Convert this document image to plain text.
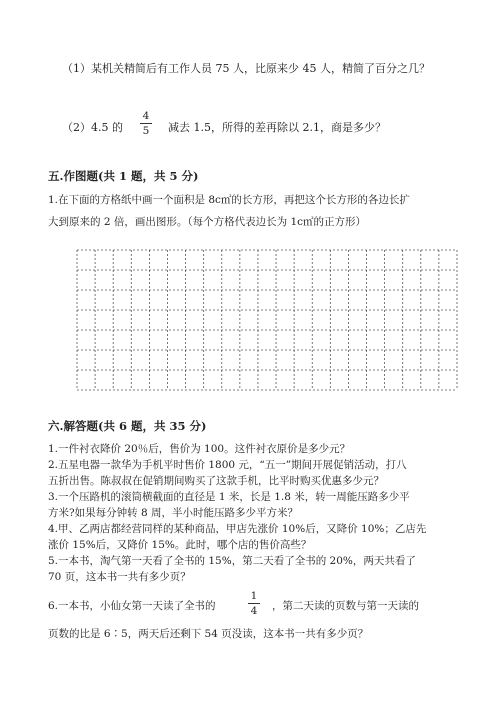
（1）某机关精简后有工作人员 75 人，比原来少 45 人，精简了百分之几？
（2）4.5 的
4
5	减去 1.5，所得的差再除以 2.1，商是多少？
五.作图题(共 1 题，共 5 分)
1.在下面的方格纸中画一个面积是 8c㎡的长方形，再把这个长方形的各边长扩
大到原来的 2 倍，画出图形。（每个方格代表边长为 1c㎡的正方形）
六.解答题(共 6 题，共 35 分)
1.一件衬衣降价 20％后，售价为 100。这件衬衣原价是多少元？
2.五星电器一款华为手机平时售价 1800 元，“五一”期间开展促销活动，打八
五折出售。陈叔叔在促销期间购买了这款手机，比平时购买优惠多少元？
3.一个压路机的滚筒横截面的直径是 1 米，长是 1.8 米，转一周能压路多少平
方米?如果每分钟转 8 周，半小时能压路多少平方米？
4.甲、乙两店都经营同样的某种商品，甲店先涨价 10%后，又降价 10%；乙店先
涨价 15%后，又降价 15%。此时，哪个店的售价高些？
5.一本书，淘气第一天看了全书的 15%，第二天看了全书的 20%，两天共看了
70 页，这本书一共有多少页？
6.一本书，小仙女第一天读了全书的
1
4	，第二天读的页数与第一天读的
页数的比是 6∶5，两天后还剩下 54 页没读，这本书一共有多少页？
